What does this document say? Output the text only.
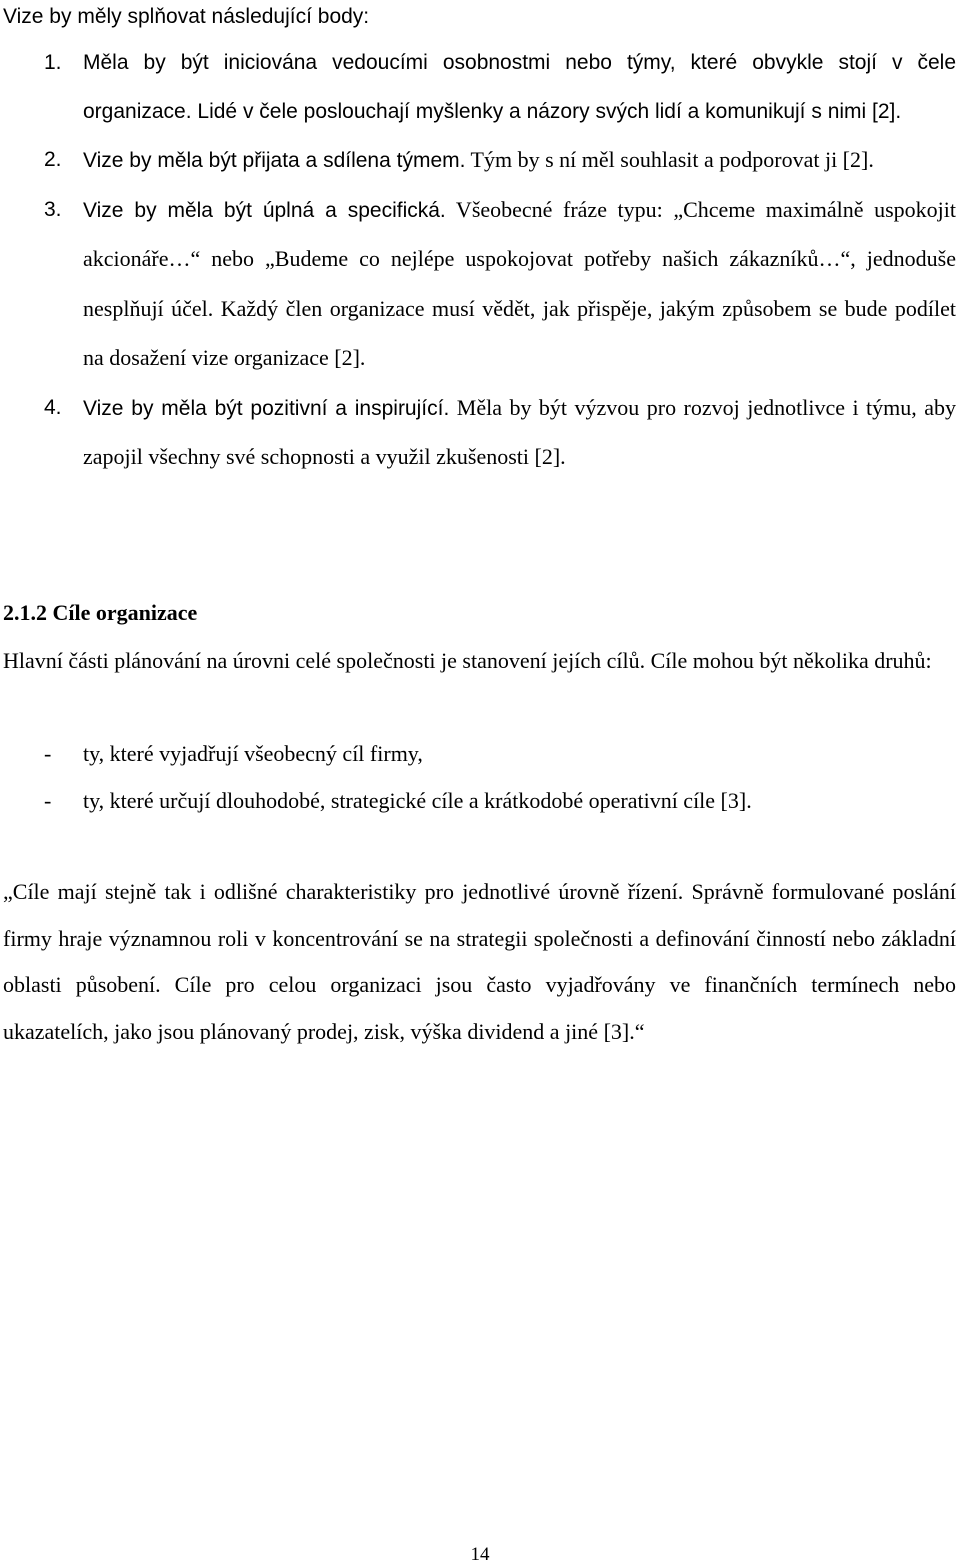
Vize by měly splňovat následující body:

1. Měla by být iniciována vedoucími osobnostmi nebo týmy, které obvykle stojí v čele organizace. Lidé v čele poslouchají myšlenky a názory svých lidí a komunikují s nimi [2].
2. Vize by měla být přijata a sdílena týmem. Tým by s ní měl souhlasit a podporovat ji [2].
3. Vize by měla být úplná a specifická. Všeobecné fráze typu: „Chceme maximálně uspokojit akcionáře…“ nebo „Budeme co nejlépe uspokojovat potřeby našich zákazníků…“, jednoduše nesplňují účel. Každý člen organizace musí vědět, jak přispěje, jakým způsobem se bude podílet na dosažení vize organizace [2].
4. Vize by měla být pozitivní a inspirující. Měla by být výzvou pro rozvoj jednotlivce i týmu, aby zapojil všechny své schopnosti a využil zkušenosti [2].
2.1.2 Cíle organizace

Hlavní části plánování na úrovni celé společnosti je stanovení jejích cílů. Cíle mohou být několika druhů:

- ty, které vyjadřují všeobecný cíl firmy,
- ty, které určují dlouhodobé, strategické cíle a krátkodobé operativní cíle [3].

„Cíle mají stejně tak i odlišné charakteristiky pro jednotlivé úrovně řízení. Správně formulované poslání firmy hraje významnou roli v koncentrování se na strategii společnosti a definování činností nebo základní oblasti působení. Cíle pro celou organizaci jsou často vyjadřovány ve finančních termínech nebo ukazatelích, jako jsou plánovaný prodej, zisk, výška dividend a jiné [3].“

14
